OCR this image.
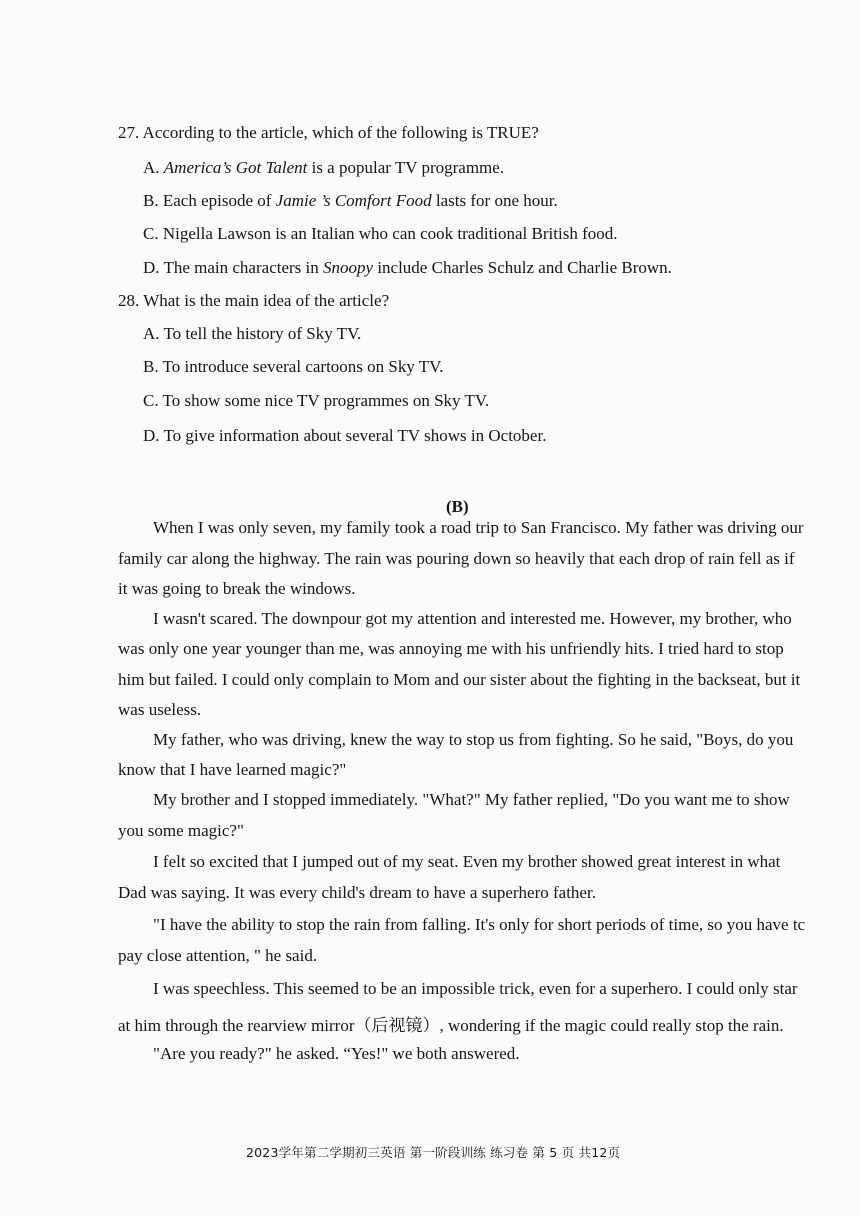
27. According to the article, which of the following is TRUE?
A. America’s Got Talent is a popular TV programme.
B. Each episode of Jamie ’s Comfort Food lasts for one hour.
C. Nigella Lawson is an Italian who can cook traditional British food.
D. The main characters in Snoopy include Charles Schulz and Charlie Brown.
28. What is the main idea of the article?
A. To tell the history of Sky TV.
B. To introduce several cartoons on Sky TV.
C. To show some nice TV programmes on Sky TV.
D. To give information about several TV shows in October.
(B)
When I was only seven, my family took a road trip to San Francisco. My father was driving our
family car along the highway. The rain was pouring down so heavily that each drop of rain fell as if
it was going to break the windows.
I wasn't scared. The downpour got my attention and interested me. However, my brother, who
was only one year younger than me, was annoying me with his unfriendly hits. I tried hard to stop
him but failed. I could only complain to Mom and our sister about the fighting in the backseat, but it
was useless.
My father, who was driving, knew the way to stop us from fighting. So he said, "Boys, do you
know that I have learned magic?"
My brother and I stopped immediately. "What?" My father replied, "Do you want me to show
you some magic?"
I felt so excited that I jumped out of my seat. Even my brother showed great interest in what
Dad was saying. It was every child's dream to have a superhero father.
"I have the ability to stop the rain from falling. It's only for short periods of time, so you have tc
pay close attention, " he said.
I was speechless. This seemed to be an impossible trick, even for a superhero. I could only star
at him through the rearview mirror（后视镜）, wondering if the magic could really stop the rain.
"Are you ready?" he asked. “Yes!" we both answered.
2023学年第二学期初三英语 第一阶段训练 练习卷 第 5 页 共12页
